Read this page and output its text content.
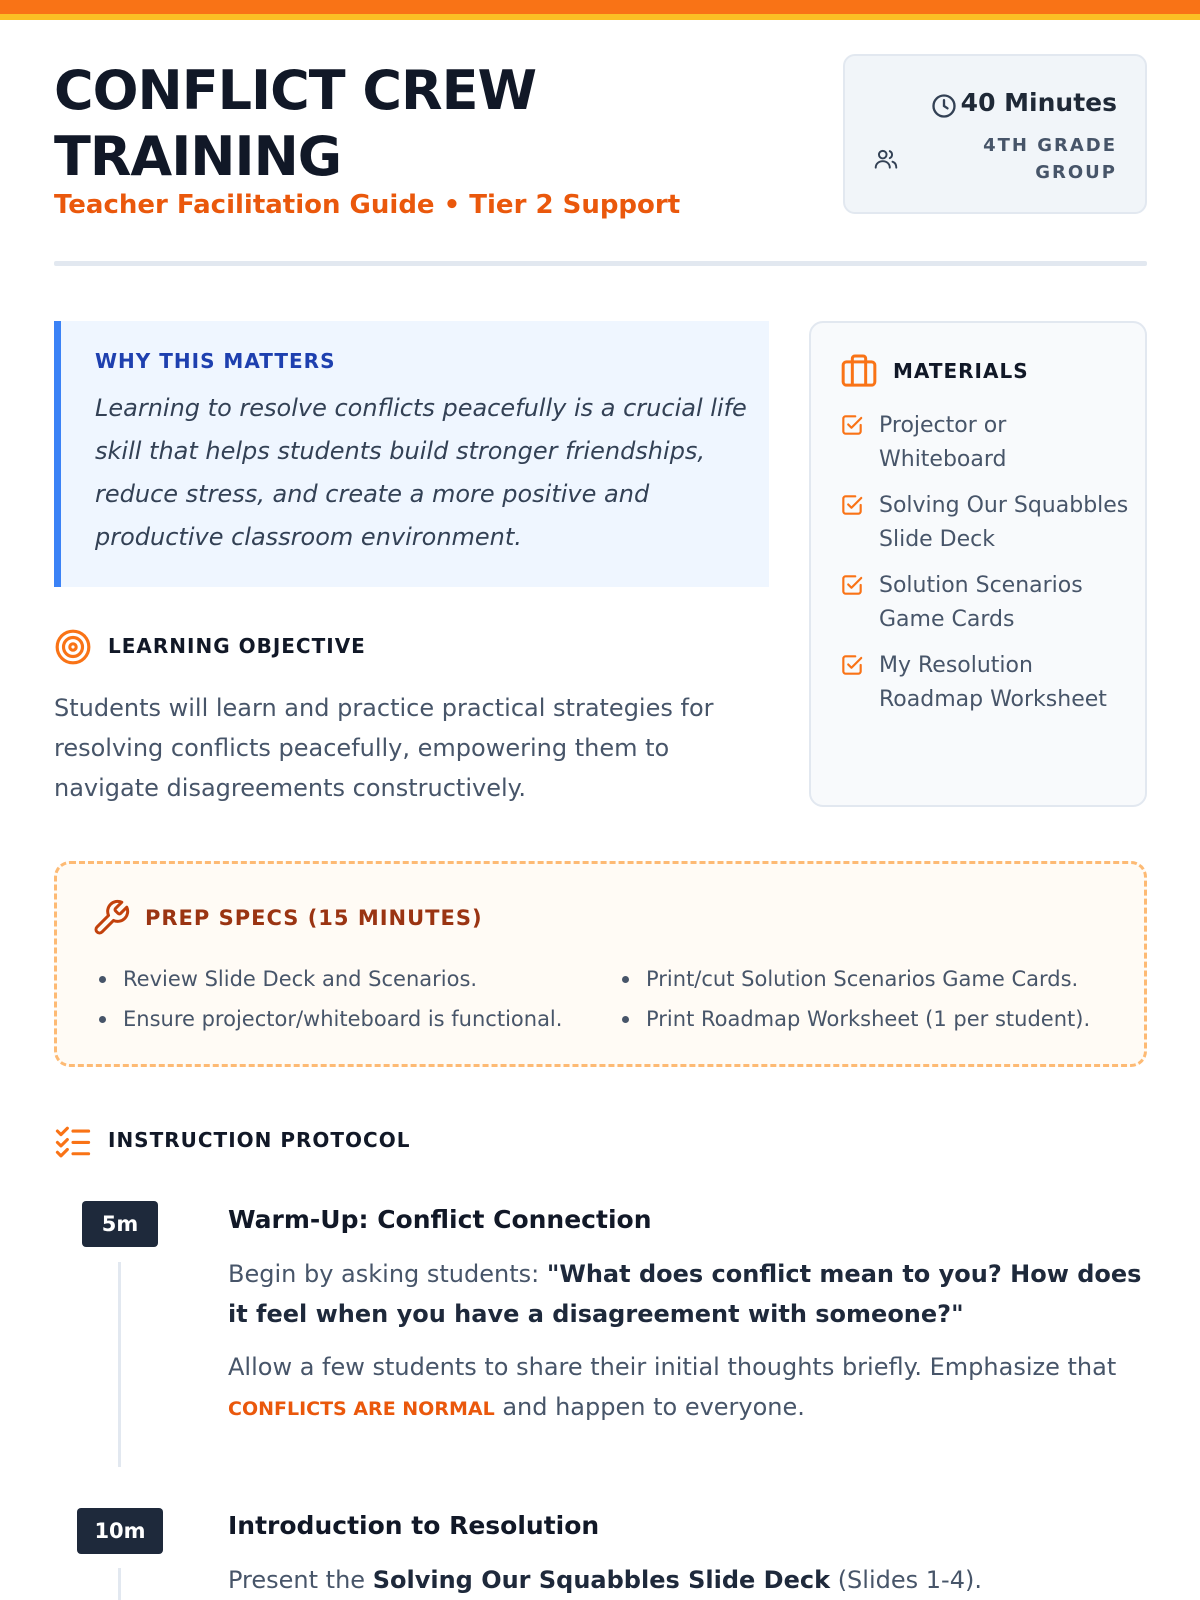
CONFLICT CREW TRAINING
Teacher Facilitation Guide • Tier 2 Support
40 Minutes
4TH GRADE GROUP
WHY THIS MATTERS
Learning to resolve conflicts peacefully is a crucial life skill that helps students build stronger friendships, reduce stress, and create a more positive and productive classroom environment.
LEARNING OBJECTIVE
Students will learn and practice practical strategies for resolving conflicts peacefully, empowering them to navigate disagreements constructively.
MATERIALS
Projector or Whiteboard
Solving Our Squabbles Slide Deck
Solution Scenarios Game Cards
My Resolution Roadmap Worksheet
PREP SPECS (15 MINUTES)
Review Slide Deck and Scenarios.
Ensure projector/whiteboard is functional.
Print/cut Solution Scenarios Game Cards.
Print Roadmap Worksheet (1 per student).
INSTRUCTION PROTOCOL
5m	Warm-Up: Conflict Connection
Begin by asking students: "What does conflict mean to you? How does it feel when you have a disagreement with someone?"
Allow a few students to share their initial thoughts briefly. Emphasize that CONFLICTS ARE NORMAL and happen to everyone.
10m	Introduction to Resolution
Present the Solving Our Squabbles Slide Deck (Slides 1-4).
